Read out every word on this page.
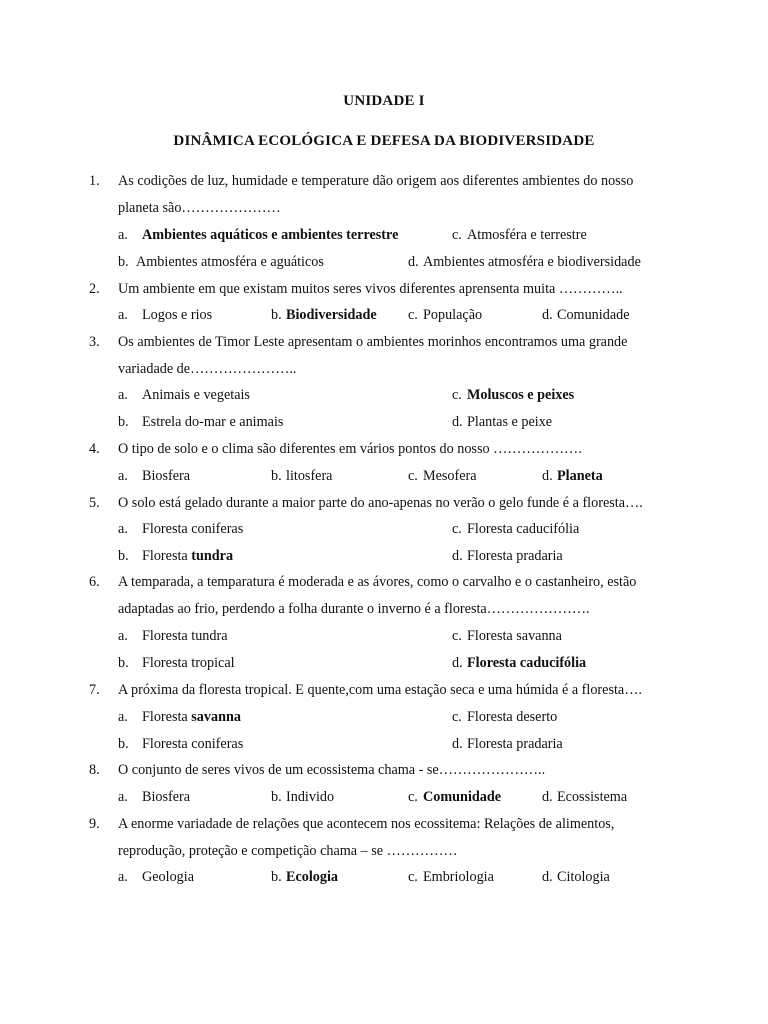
UNIDADE I
DINÂMICA ECOLÓGICA E DEFESA DA BIODIVERSIDADE
1. As codições de luz, humidade e temperature dão origem aos diferentes ambientes do nosso
planeta são…………………
a. Ambientes aquáticos e ambientes terrestre	c. Atmosféra e terrestre
b. Ambientes atmosféra e aguáticos	d. Ambientes atmosféra e biodiversidade
2. Um ambiente em que existam muitos seres vivos diferentes aprensenta muita …………..
a. Logos e rios	b. Biodiversidade c. População	d. Comunidade
3. Os ambientes de Timor Leste apresentam o ambientes morinhos encontramos uma grande
variadade de…………………..
a. Animais e vegetais	c. Moluscos e peixes
b. Estrela do-mar e animais	d. Plantas e peixe
4. O tipo de solo e o clima são diferentes em vários pontos do nosso ……………….
a. Biosfera	b. litosfera	c. Mesofera	d. Planeta
5. O solo está gelado durante a maior parte do ano-apenas no verão o gelo funde é a floresta….
a. Floresta coniferas	c. Floresta caducifólia
b. Floresta tundra	d. Floresta pradaria
6. A temparada, a temparatura é moderada e as ávores, como o carvalho e o castanheiro, estão
adaptadas ao frio, perdendo a folha durante o inverno é a floresta………………….
a. Floresta tundra	c. Floresta savanna
b. Floresta tropical	d. Floresta caducifólia
7. A próxima da floresta tropical. E quente,com uma estação seca e uma húmida é a floresta….
a. Floresta savanna	c. Floresta deserto
b. Floresta coniferas	d. Floresta pradaria
8. O conjunto de seres vivos de um ecossistema chama - se…………………..
a. Biosfera	b. Individo	c. Comunidade	d. Ecossistema
9. A enorme variadade de relações que acontecem nos ecossitema: Relações de alimentos,
reprodução, proteção e competição chama – se ……………
a. Geologia	b. Ecologia	c. Embriologia	d. Citologia
